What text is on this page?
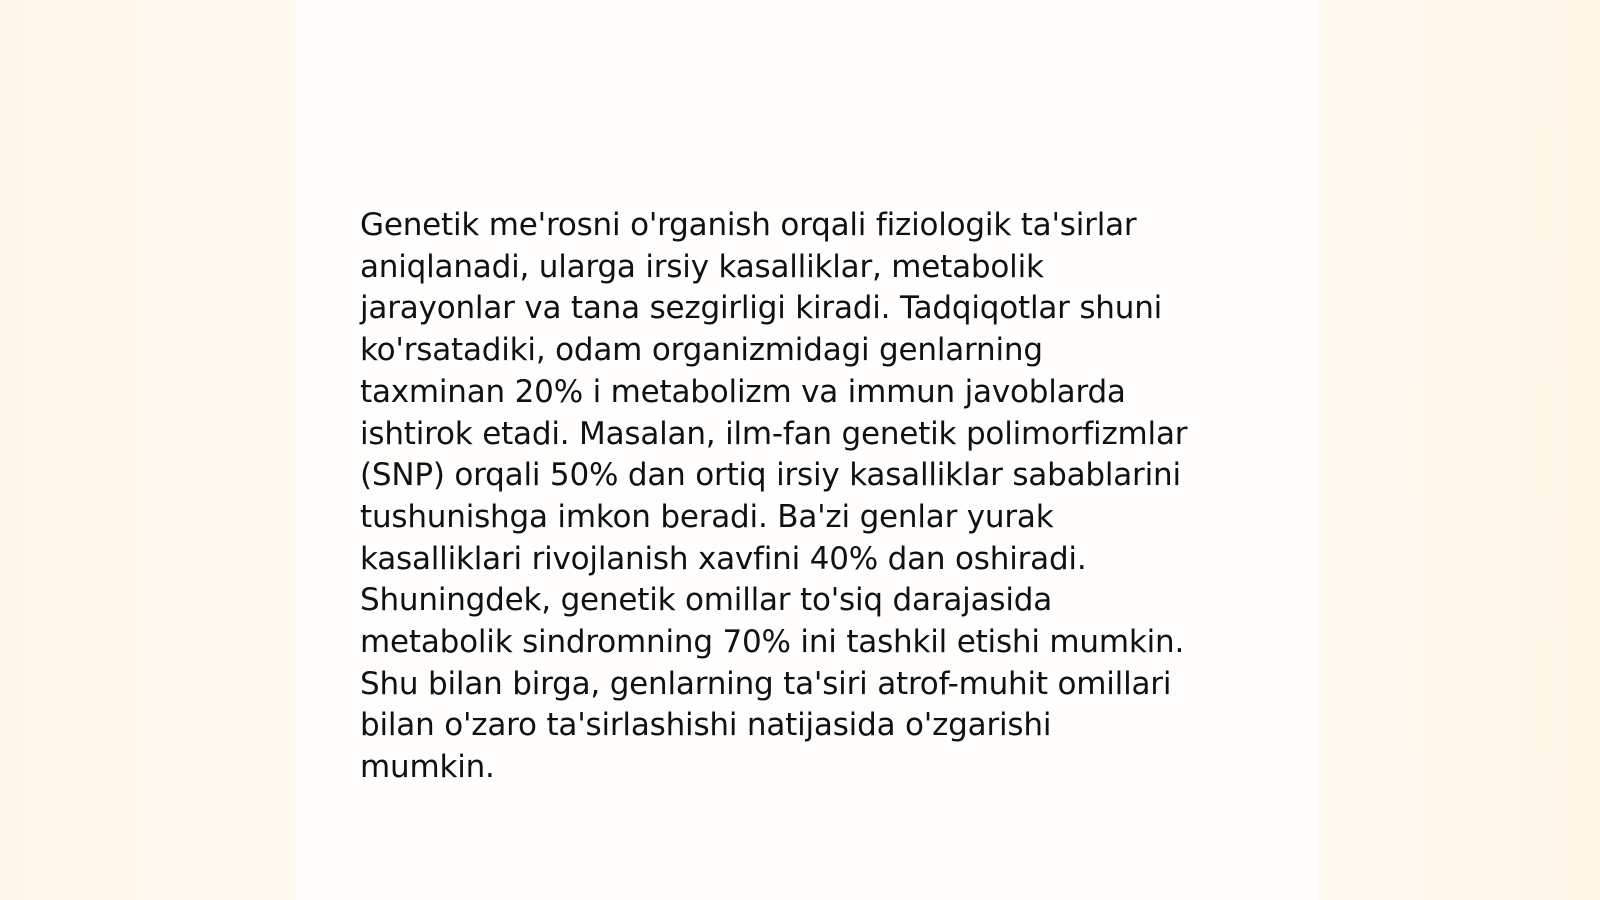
Genetik me'rosni o'rganish orqali fiziologik ta'sirlar
aniqlanadi, ularga irsiy kasalliklar, metabolik
jarayonlar va tana sezgirligi kiradi. Tadqiqotlar shuni
ko'rsatadiki, odam organizmidagi genlarning
taxminan 20% i metabolizm va immun javoblarda
ishtirok etadi. Masalan, ilm-fan genetik polimorfizmlar
(SNP) orqali 50% dan ortiq irsiy kasalliklar sabablarini
tushunishga imkon beradi. Ba'zi genlar yurak
kasalliklari rivojlanish xavfini 40% dan oshiradi.
Shuningdek, genetik omillar to'siq darajasida
metabolik sindromning 70% ini tashkil etishi mumkin.
Shu bilan birga, genlarning ta'siri atrof-muhit omillari
bilan o'zaro ta'sirlashishi natijasida o'zgarishi
mumkin.
